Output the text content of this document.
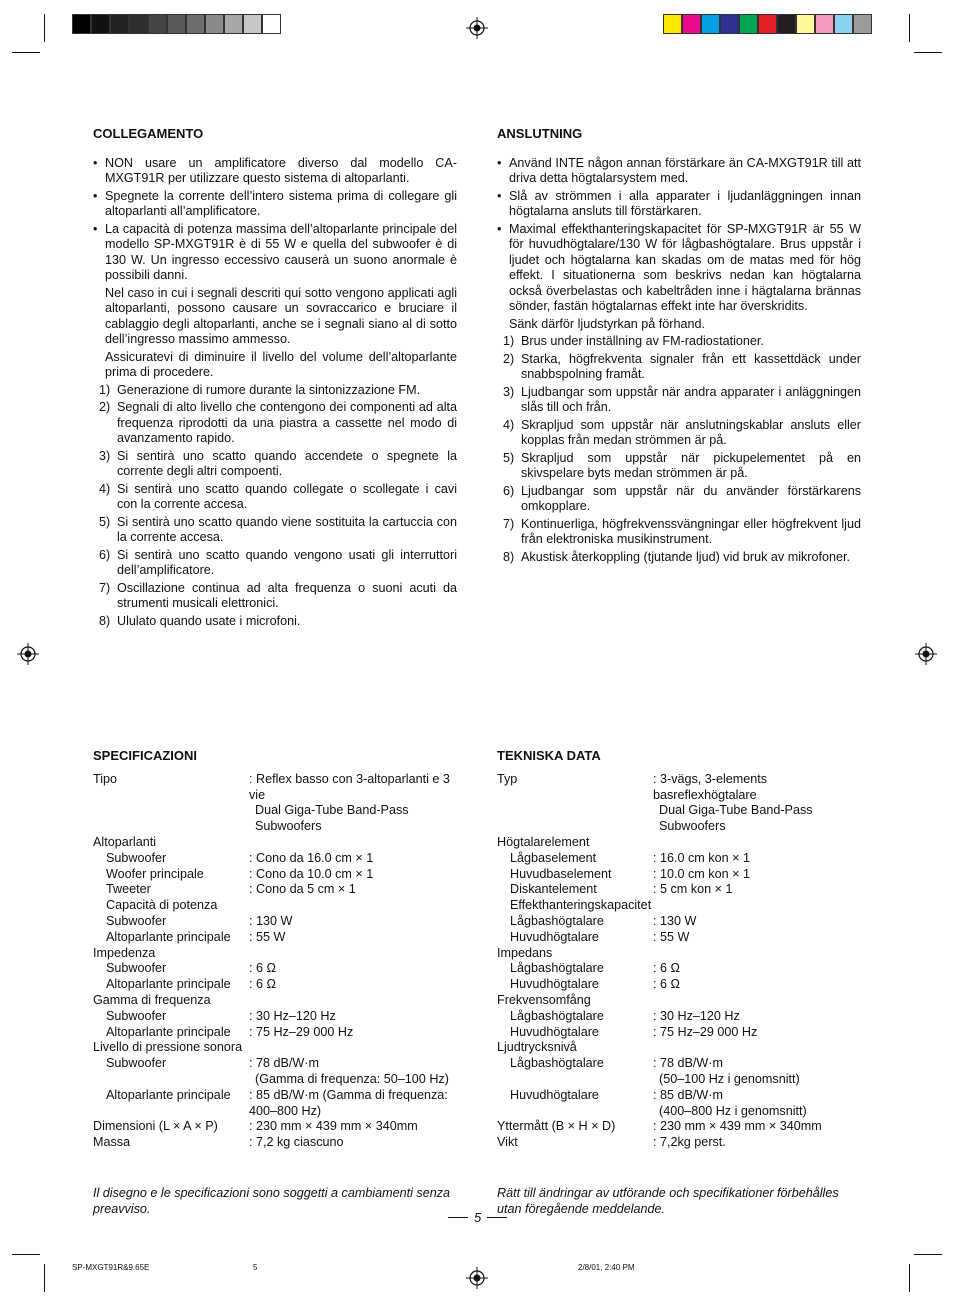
COLLEGAMENTO

• NON usare un amplificatore diverso dal modello CA-MXGT91R per utilizzare questo sistema di altoparlanti.
• Spegnete la corrente dell’intero sistema prima di collegare gli altoparlanti all’amplificatore.
• La capacità di potenza massima dell’altoparlante principale del modello SP-MXGT91R è di 55 W e quella del subwoofer è di 130 W. Un ingresso eccessivo causerà un suono anormale è possibili danni.
Nel caso in cui i segnali descriti qui sotto vengono applicati agli altoparlanti, possono causare un sovraccarico e bruciare il cablaggio degli altoparlanti, anche se i segnali siano al di sotto dell’ingresso massimo ammesso.
Assicuratevi di diminuire il livello del volume dell’altoparlante prima di procedere.
1) Generazione di rumore durante la sintonizzazione FM.
2) Segnali di alto livello che contengono dei componenti ad alta frequenza riprodotti da una piastra a cassette nel modo di avanzamento rapido.
3) Si sentirà uno scatto quando accendete o spegnete la corrente degli altri compoenti.
4) Si sentirà uno scatto quando collegate o scollegate i cavi con la corrente accesa.
5) Si sentirà uno scatto quando viene sostituita la cartuccia con la corrente accesa.
6) Si sentirà uno scatto quando vengono usati gli interruttori dell’amplificatore.
7) Oscillazione continua ad alta frequenza o suoni acuti da strumenti musicali elettronici.
8) Ululato quando usate i microfoni.

ANSLUTNING

• Använd INTE någon annan förstärkare än CA-MXGT91R till att driva detta högtalarsystem med.
• Slå av strömmen i alla apparater i ljudanläggningen innan högtalarna ansluts till förstärkaren.
• Maximal effekthanteringskapacitet för SP-MXGT91R är 55 W för huvudhögtalare/130 W för lågbashögtalare. Brus uppstår i ljudet och högtalarna kan skadas om de matas med för hög effekt. I situationerna som beskrivs nedan kan högtalarna också överbelastas och kabeltråden inne i hägtalarna brännas sönder, fastän högtalarnas effekt inte har överskridits.
Sänk därför ljudstyrkan på förhand.
1) Brus under inställning av FM-radiostationer.
2) Starka, högfrekventa signaler från ett kassettdäck under snabbspolning framåt.
3) Ljudbangar som uppstår när andra apparater i anläggningen slås till och från.
4) Skrapljud som uppstår när anslutningskablar ansluts eller kopplas från medan strömmen är på.
5) Skrapljud som uppstår när pickupelementet på en skivspelare byts medan strömmen är på.
6) Ljudbangar som uppstår när du använder förstärkarens omkopplare.
7) Kontinuerliga, högfrekvenssvängningar eller högfrekvent ljud från elektroniska musikinstrument.
8) Akustisk återkoppling (tjutande ljud) vid bruk av mikrofoner.

SPECIFICAZIONI

Tipo	: Reflex basso con 3-altoparlanti e 3 vie
Dual Giga-Tube Band-Pass Subwoofers
Altoparlanti
Subwoofer	: Cono da 16.0 cm × 1
Woofer principale	: Cono da 10.0 cm × 1
Tweeter	: Cono da 5 cm × 1
Capacità di potenza
Subwoofer	: 130 W
Altoparlante principale	: 55 W
Impedenza
Subwoofer	: 6 Ω
Altoparlante principale	: 6 Ω
Gamma di frequenza
Subwoofer	: 30 Hz–120 Hz
Altoparlante principale	: 75 Hz–29 000 Hz
Livello di pressione sonora
Subwoofer	: 78 dB/W·m
(Gamma di frequenza: 50–100 Hz)
Altoparlante principale	: 85 dB/W·m (Gamma di frequenza: 400–800 Hz)
Dimensioni (L × A × P)	: 230 mm × 439 mm × 340mm
Massa	: 7,2 kg ciascuno

TEKNISKA DATA

Typ	: 3-vägs, 3-elements basreflexhögtalare
Dual Giga-Tube Band-Pass Subwoofers
Högtalarelement
Lågbaselement	: 16.0 cm kon × 1
Huvudbaselement	: 10.0 cm kon × 1
Diskantelement	: 5 cm kon × 1
Effekthanteringskapacitet
Lågbashögtalare	: 130 W
Huvudhögtalare	: 55 W
Impedans
Lågbashögtalare	: 6 Ω
Huvudhögtalare	: 6 Ω
Frekvensomfång
Lågbashögtalare	: 30 Hz–120 Hz
Huvudhögtalare	: 75 Hz–29 000 Hz
Ljudtrycksnivå
Lågbashögtalare	: 78 dB/W·m
(50–100 Hz i genomsnitt)
Huvudhögtalare	: 85 dB/W·m
(400–800 Hz i genomsnitt)
Yttermått (B × H × D)	: 230 mm × 439 mm × 340mm
Vikt	: 7,2kg perst.
Il disegno e le specificazioni sono soggetti a cambiamenti senza preavviso.
Rätt till ändringar av utförande och specifikationer förbehålles utan föregående meddelande.
5
SP-MXGT91R&9.65E	5	2/8/01, 2:40 PM
